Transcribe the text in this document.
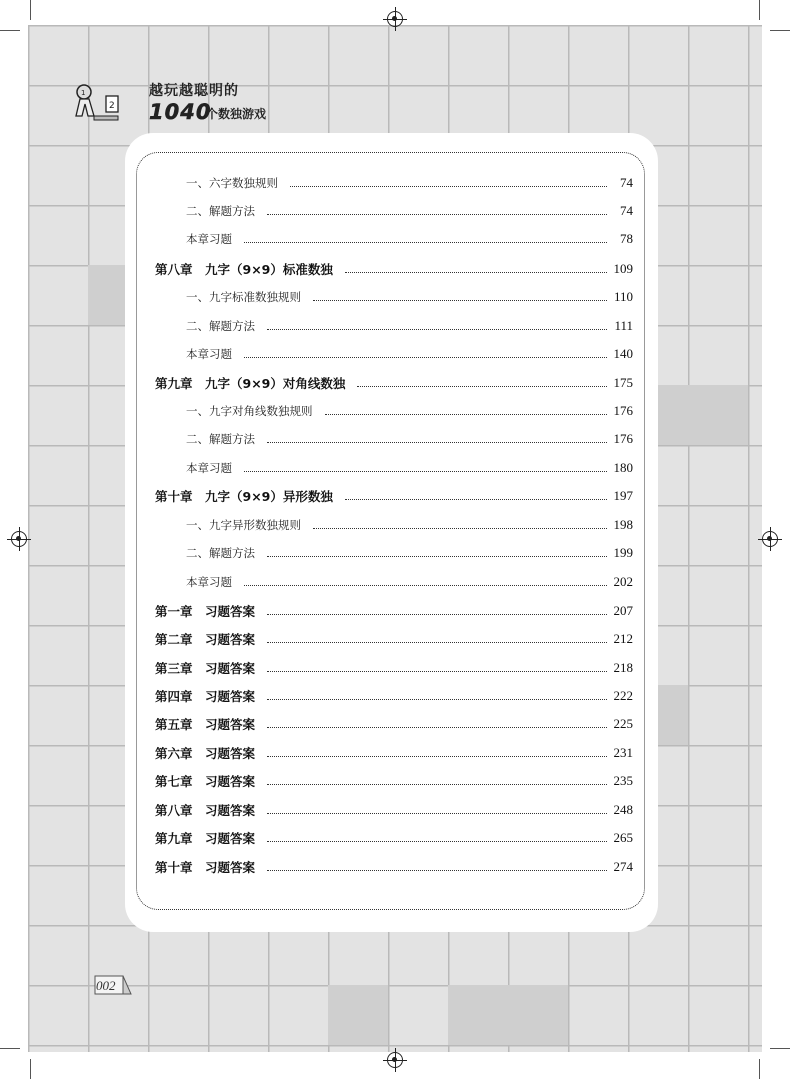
1
2
越玩越聪明的
1040
个数独游戏
一、六字数独规则	74
二、解题方法	74
本章习题	78
第八章　九字（9×9）标准数独	109
一、九字标准数独规则	110
二、解题方法	111
本章习题	140
第九章　九字（9×9）对角线数独	175
一、九字对角线数独规则	176
二、解题方法	176
本章习题	180
第十章　九字（9×9）异形数独	197
一、九字异形数独规则	198
二、解题方法	199
本章习题	202
第一章　习题答案	207
第二章　习题答案	212
第三章　习题答案	218
第四章　习题答案	222
第五章　习题答案	225
第六章　习题答案	231
第七章　习题答案	235
第八章　习题答案	248
第九章　习题答案	265
第十章　习题答案	274
002
